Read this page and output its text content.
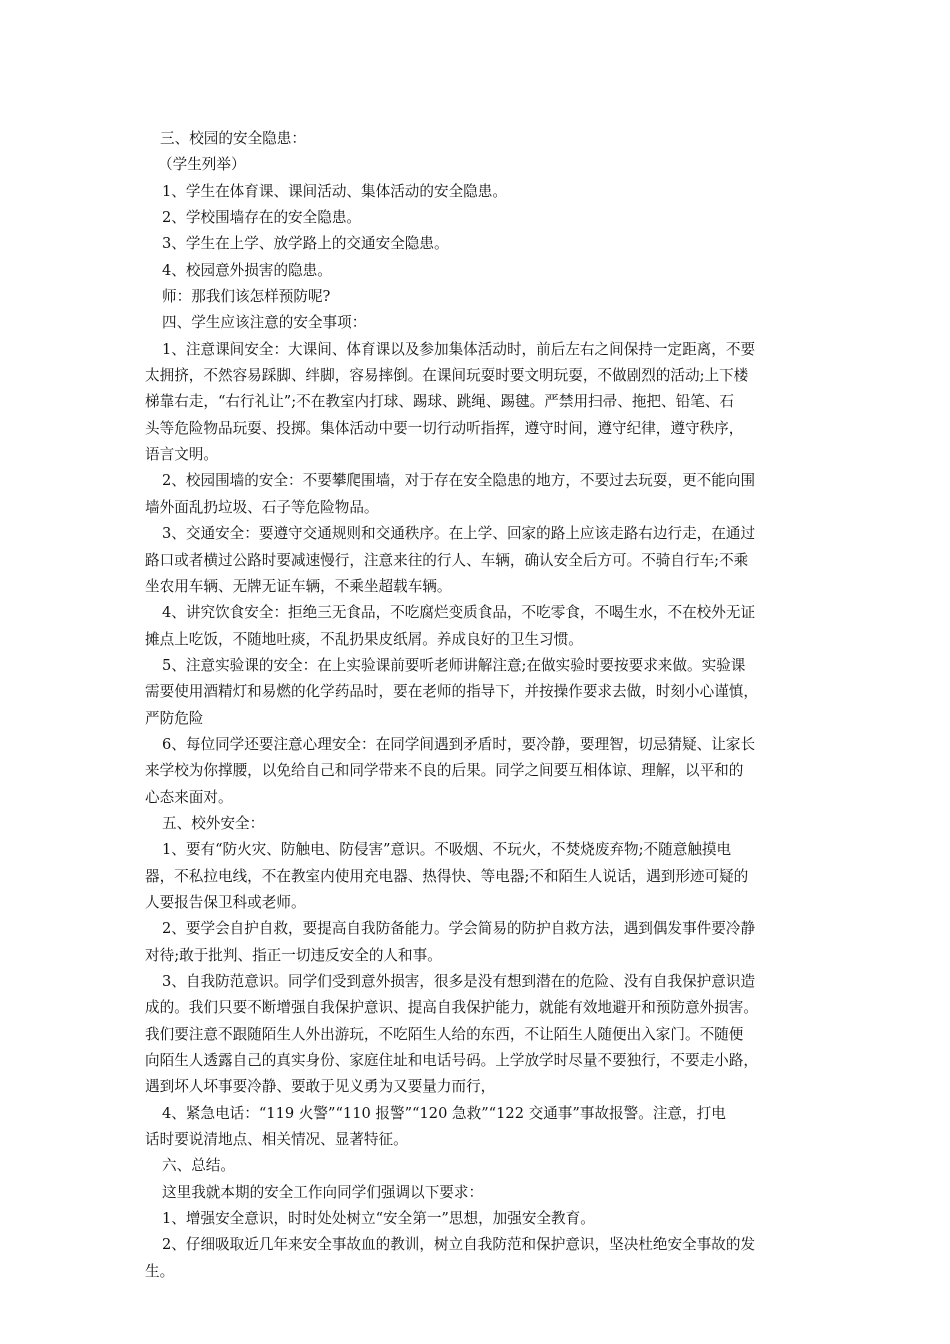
三、校园的安全隐患：
（学生列举）
1、学生在体育课、课间活动、集体活动的安全隐患。
2、学校围墙存在的安全隐患。
3、学生在上学、放学路上的交通安全隐患。
4、校园意外损害的隐患。
师：那我们该怎样预防呢?
四、学生应该注意的安全事项：
1、注意课间安全：大课间、体育课以及参加集体活动时，前后左右之间保持一定距离，不要
太拥挤，不然容易踩脚、绊脚，容易摔倒。在课间玩耍时要文明玩耍，不做剧烈的活动;上下楼
梯靠右走，“右行礼让”;不在教室内打球、踢球、跳绳、踢毽。严禁用扫帚、拖把、铅笔、石
头等危险物品玩耍、投掷。集体活动中要一切行动听指挥，遵守时间，遵守纪律，遵守秩序，
语言文明。
2、校园围墙的安全：不要攀爬围墙，对于存在安全隐患的地方，不要过去玩耍，更不能向围
墙外面乱扔垃圾、石子等危险物品。
3、交通安全：要遵守交通规则和交通秩序。在上学、回家的路上应该走路右边行走，在通过
路口或者横过公路时要减速慢行，注意来往的行人、车辆，确认安全后方可。不骑自行车;不乘
坐农用车辆、无牌无证车辆，不乘坐超载车辆。
4、讲究饮食安全：拒绝三无食品，不吃腐烂变质食品，不吃零食，不喝生水，不在校外无证
摊点上吃饭，不随地吐痰，不乱扔果皮纸屑。养成良好的卫生习惯。
5、注意实验课的安全：在上实验课前要听老师讲解注意;在做实验时要按要求来做。实验课
需要使用酒精灯和易燃的化学药品时，要在老师的指导下，并按操作要求去做，时刻小心谨慎，
严防危险
6、每位同学还要注意心理安全：在同学间遇到矛盾时，要冷静，要理智，切忌猜疑、让家长
来学校为你撑腰，以免给自己和同学带来不良的后果。同学之间要互相体谅、理解，以平和的
心态来面对。
五、校外安全：
1、要有“防火灾、防触电、防侵害”意识。不吸烟、不玩火，不焚烧废弃物;不随意触摸电
器，不私拉电线，不在教室内使用充电器、热得快、等电器;不和陌生人说话，遇到形迹可疑的
人要报告保卫科或老师。
2、要学会自护自救，要提高自我防备能力。学会简易的防护自救方法，遇到偶发事件要冷静
对待;敢于批判、指正一切违反安全的人和事。
3、自我防范意识。同学们受到意外损害，很多是没有想到潜在的危险、没有自我保护意识造
成的。我们只要不断增强自我保护意识、提高自我保护能力，就能有效地避开和预防意外损害。
我们要注意不跟随陌生人外出游玩，不吃陌生人给的东西，不让陌生人随便出入家门。不随便
向陌生人透露自己的真实身份、家庭住址和电话号码。上学放学时尽量不要独行，不要走小路，
遇到坏人坏事要冷静、要敢于见义勇为又要量力而行，
4、紧急电话：“119 火警”“110 报警”“120 急救”“122 交通事”事故报警。注意，打电
话时要说清地点、相关情况、显著特征。
六、总结。
这里我就本期的安全工作向同学们强调以下要求：
1、增强安全意识，时时处处树立“安全第一”思想，加强安全教育。
2、仔细吸取近几年来安全事故血的教训，树立自我防范和保护意识，坚决杜绝安全事故的发
生。
